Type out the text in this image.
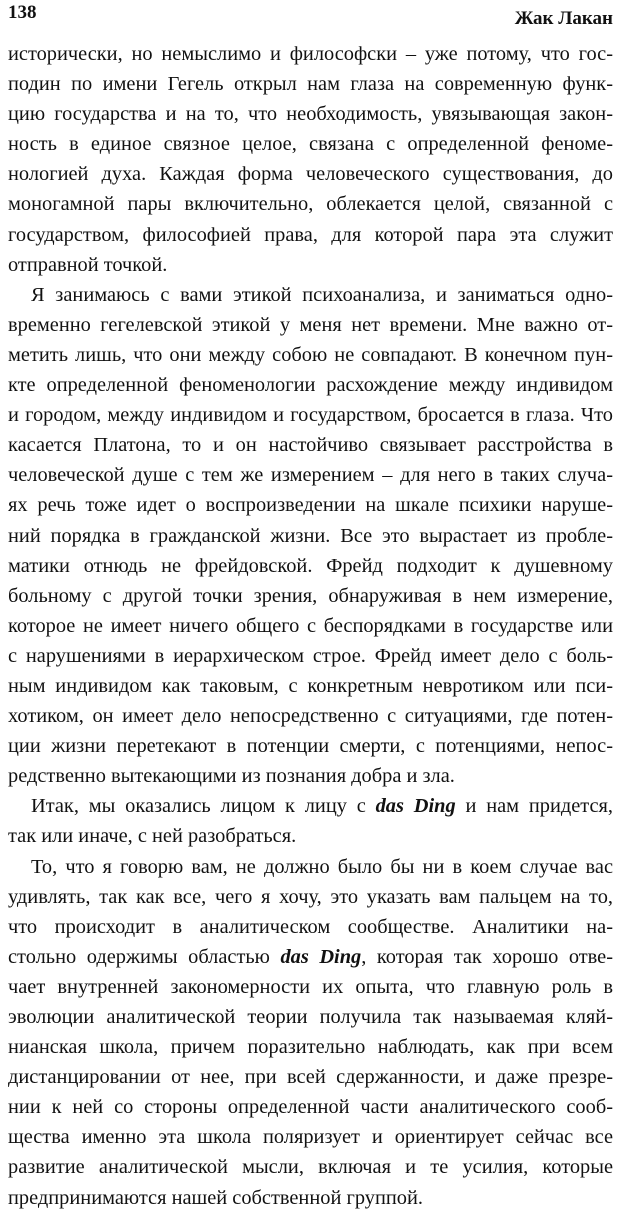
138	Жак Лакан

исторически, но немыслимо и философски – уже потому, что гос-
подин по имени Гегель открыл нам глаза на современную функ-
цию государства и на то, что необходимость, увязывающая закон-
ность в единое связное целое, связана с определенной феноме-
нологией духа. Каждая форма человеческого существования, до
моногамной пары включительно, облекается целой, связанной с
государством, философией права, для которой пара эта служит
отправной точкой.

Я занимаюсь с вами этикой психоанализа, и заниматься одно-
временно гегелевской этикой у меня нет времени. Мне важно от-
метить лишь, что они между собою не совпадают. В конечном пун-
кте определенной феноменологии расхождение между индивидом
и городом, между индивидом и государством, бросается в глаза. Что
касается Платона, то и он настойчиво связывает расстройства в
человеческой душе с тем же измерением – для него в таких случа-
ях речь тоже идет о воспроизведении на шкале психики наруше-
ний порядка в гражданской жизни. Все это вырастает из пробле-
матики отнюдь не фрейдовской. Фрейд подходит к душевному
больному с другой точки зрения, обнаруживая в нем измерение,
которое не имеет ничего общего с беспорядками в государстве или
с нарушениями в иерархическом строе. Фрейд имеет дело с боль-
ным индивидом как таковым, с конкретным невротиком или пси-
хотиком, он имеет дело непосредственно с ситуациями, где потен-
ции жизни перетекают в потенции смерти, с потенциями, непос-
редственно вытекающими из познания добра и зла.

Итак, мы оказались лицом к лицу с das Ding и нам придется,
так или иначе, с ней разобраться.

То, что я говорю вам, не должно было бы ни в коем случае вас
удивлять, так как все, чего я хочу, это указать вам пальцем на то,
что происходит в аналитическом сообществе. Аналитики на-
стольно одержимы областью das Ding, которая так хорошо отве-
чает внутренней закономерности их опыта, что главную роль в
эволюции аналитической теории получила так называемая кляй-
нианская школа, причем поразительно наблюдать, как при всем
дистанцировании от нее, при всей сдержанности, и даже презре-
нии к ней со стороны определенной части аналитического сооб-
щества именно эта школа поляризует и ориентирует сейчас все
развитие аналитической мысли, включая и те усилия, которые
предпринимаются нашей собственной группой.
